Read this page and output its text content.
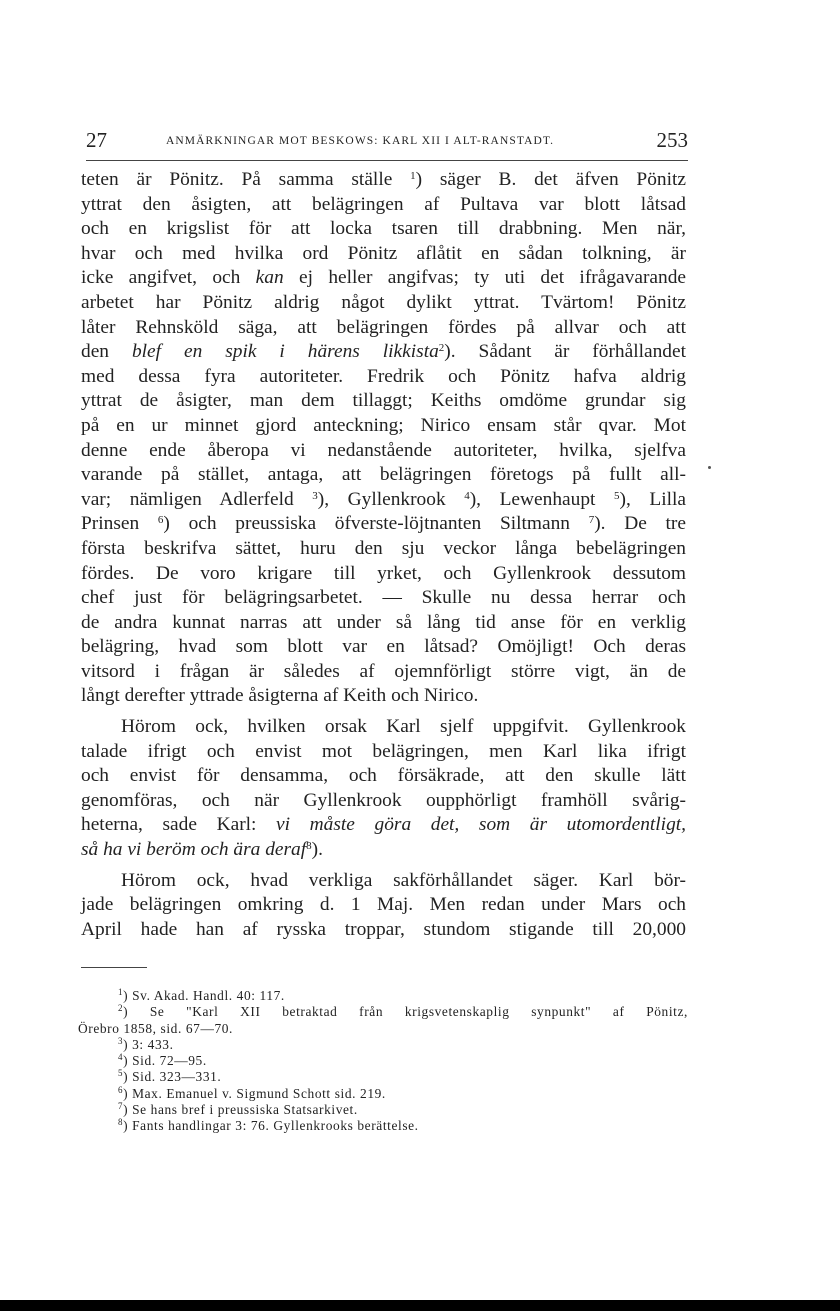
27	ANMÄRKNINGAR MOT BESKOWS: KARL XII I ALT-RANSTADT.	253

teten är Pönitz. På samma ställe $^1$) säger B. det äfven Pönitz
yttrat den åsigten, att belägringen af Pultava var blott låtsad
och en krigslist för att locka tsaren till drabbning. Men när,
hvar och med hvilka ord Pönitz aflåtit en sådan tolkning, är
icke angifvet, och kan ej heller angifvas; ty uti det ifrågavarande
arbetet har Pönitz aldrig något dylikt yttrat. Tvärtom! Pönitz
låter Rehnsköld säga, att belägringen fördes på allvar och att
den blef en spik i härens likkista$^2$). Sådant är förhållandet
med dessa fyra autoriteter. Fredrik och Pönitz hafva aldrig
yttrat de åsigter, man dem tillaggt; Keiths omdöme grundar sig
på en ur minnet gjord anteckning; Nirico ensam står qvar. Mot
denne ende åberopa vi nedanstående autoriteter, hvilka, sjelfva
varande på stället, antaga, att belägringen företogs på fullt all-
var; nämligen Adlerfeld $^3$), Gyllenkrook $^4$), Lewenhaupt $^5$), Lilla
Prinsen $^6$) och preussiska öfverste-löjtnanten Siltmann $^7$). De tre
första beskrifva sättet, huru den sju veckor långa bebelägringen
fördes. De voro krigare till yrket, och Gyllenkrook dessutom
chef just för belägringsarbetet. — Skulle nu dessa herrar och
de andra kunnat narras att under så lång tid anse för en verklig
belägring, hvad som blott var en låtsad? Omöjligt! Och deras
vitsord i frågan är således af ojemnförligt större vigt, än de
långt derefter yttrade åsigterna af Keith och Nirico.

Hörom ock, hvilken orsak Karl sjelf uppgifvit. Gyllenkrook
talade ifrigt och envist mot belägringen, men Karl lika ifrigt
och envist för densamma, och försäkrade, att den skulle lätt
genomföras, och när Gyllenkrook oupphörligt framhöll svårig-
heterna, sade Karl: vi måste göra det, som är utomordentligt,
så ha vi beröm och ära deraf$^8$).

Hörom ock, hvad verkliga sakförhållandet säger. Karl bör-
jade belägringen omkring d. 1 Maj. Men redan under Mars och
April hade han af rysska troppar, stundom stigande till 20,000

$^1$) Sv. Akad. Handl. 40: 117.
$^2$) Se "Karl XII betraktad från krigsvetenskaplig synpunkt" af Pönitz,
Örebro 1858, sid. 67—70.
$^3$) 3: 433.
$^4$) Sid. 72—95.
$^5$) Sid. 323—331.
$^6$) Max. Emanuel v. Sigmund Schott sid. 219.
$^7$) Se hans bref i preussiska Statsarkivet.
$^8$) Fants handlingar 3: 76. Gyllenkrooks berättelse.
